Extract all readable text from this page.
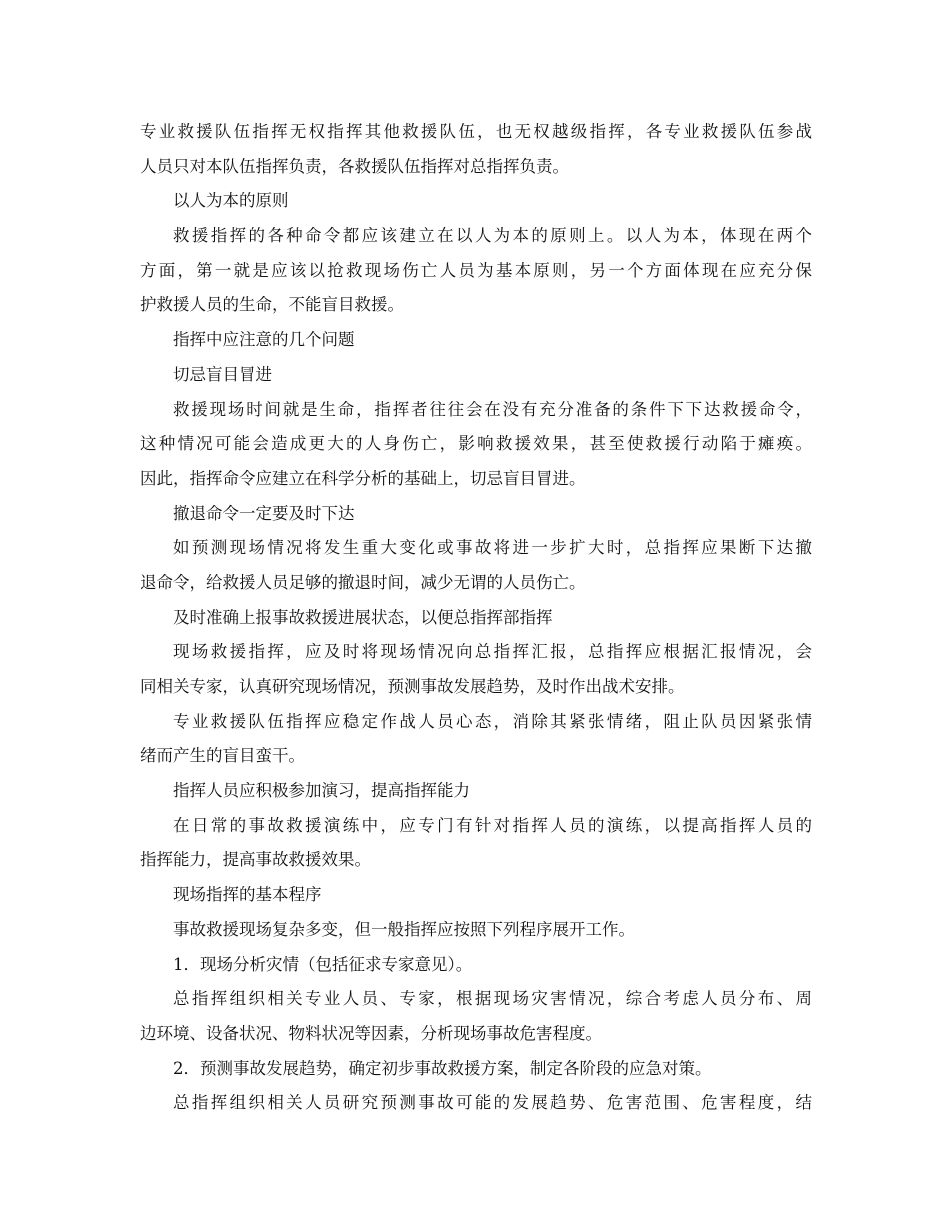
专业救援队伍指挥无权指挥其他救援队伍，也无权越级指挥，各专业救援队伍参战
人员只对本队伍指挥负责，各救援队伍指挥对总指挥负责。
以人为本的原则
救援指挥的各种命令都应该建立在以人为本的原则上。以人为本，体现在两个
方面，第一就是应该以抢救现场伤亡人员为基本原则，另一个方面体现在应充分保
护救援人员的生命，不能盲目救援。
指挥中应注意的几个问题
切忌盲目冒进
救援现场时间就是生命，指挥者往往会在没有充分准备的条件下下达救援命令，
这种情况可能会造成更大的人身伤亡，影响救援效果，甚至使救援行动陷于瘫痪。
因此，指挥命令应建立在科学分析的基础上，切忌盲目冒进。
撤退命令一定要及时下达
如预测现场情况将发生重大变化或事故将进一步扩大时，总指挥应果断下达撤
退命令，给救援人员足够的撤退时间，减少无谓的人员伤亡。
及时准确上报事故救援进展状态，以便总指挥部指挥
现场救援指挥，应及时将现场情况向总指挥汇报，总指挥应根据汇报情况，会
同相关专家，认真研究现场情况，预测事故发展趋势，及时作出战术安排。
专业救援队伍指挥应稳定作战人员心态，消除其紧张情绪，阻止队员因紧张情
绪而产生的盲目蛮干。
指挥人员应积极参加演习，提高指挥能力
在日常的事故救援演练中，应专门有针对指挥人员的演练，以提高指挥人员的
指挥能力，提高事故救援效果。
现场指挥的基本程序
事故救援现场复杂多变，但一般指挥应按照下列程序展开工作。
1．现场分析灾情（包括征求专家意见）。
总指挥组织相关专业人员、专家，根据现场灾害情况，综合考虑人员分布、周
边环境、设备状况、物料状况等因素，分析现场事故危害程度。
2．预测事故发展趋势，确定初步事故救援方案，制定各阶段的应急对策。
总指挥组织相关人员研究预测事故可能的发展趋势、危害范围、危害程度，结
